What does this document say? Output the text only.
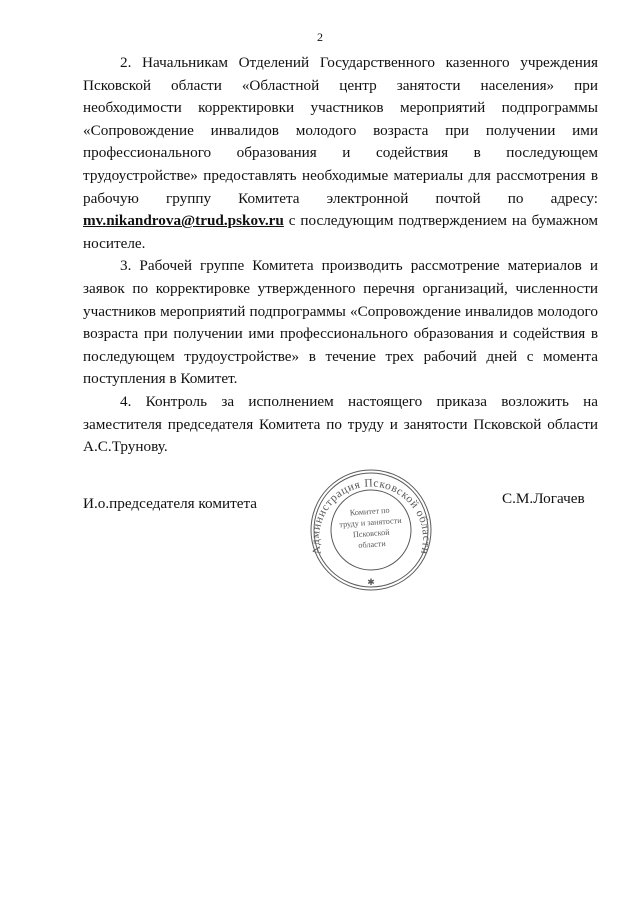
2

2. Начальникам Отделений Государственного казенного учреждения Псковской области «Областной центр занятости населения» при необходимости корректировки участников мероприятий подпрограммы «Сопровождение инвалидов молодого возраста при получении ими профессионального образования и содействия в последующем трудоустройстве» предоставлять необходимые материалы для рассмотрения в рабочую группу Комитета электронной почтой по адресу: mv.nikandrova@trud.pskov.ru с последующим подтверждением на бумажном носителе.

3. Рабочей группе Комитета производить рассмотрение материалов и заявок по корректировке утвержденного перечня организаций, численности участников мероприятий подпрограммы «Сопровождение инвалидов молодого возраста при получении ими профессионального образования и содействия в последующем трудоустройстве» в течение трех рабочий дней с момента поступления в Комитет.

4. Контроль за исполнением настоящего приказа возложить на заместителя председателя Комитета по труду и занятости Псковской области А.С.Трунову.

И.о.председателя комитета
Администрация Псковской области
Комитет по
труду и занятости
Псковской
области
✱
С.М.Логачев
